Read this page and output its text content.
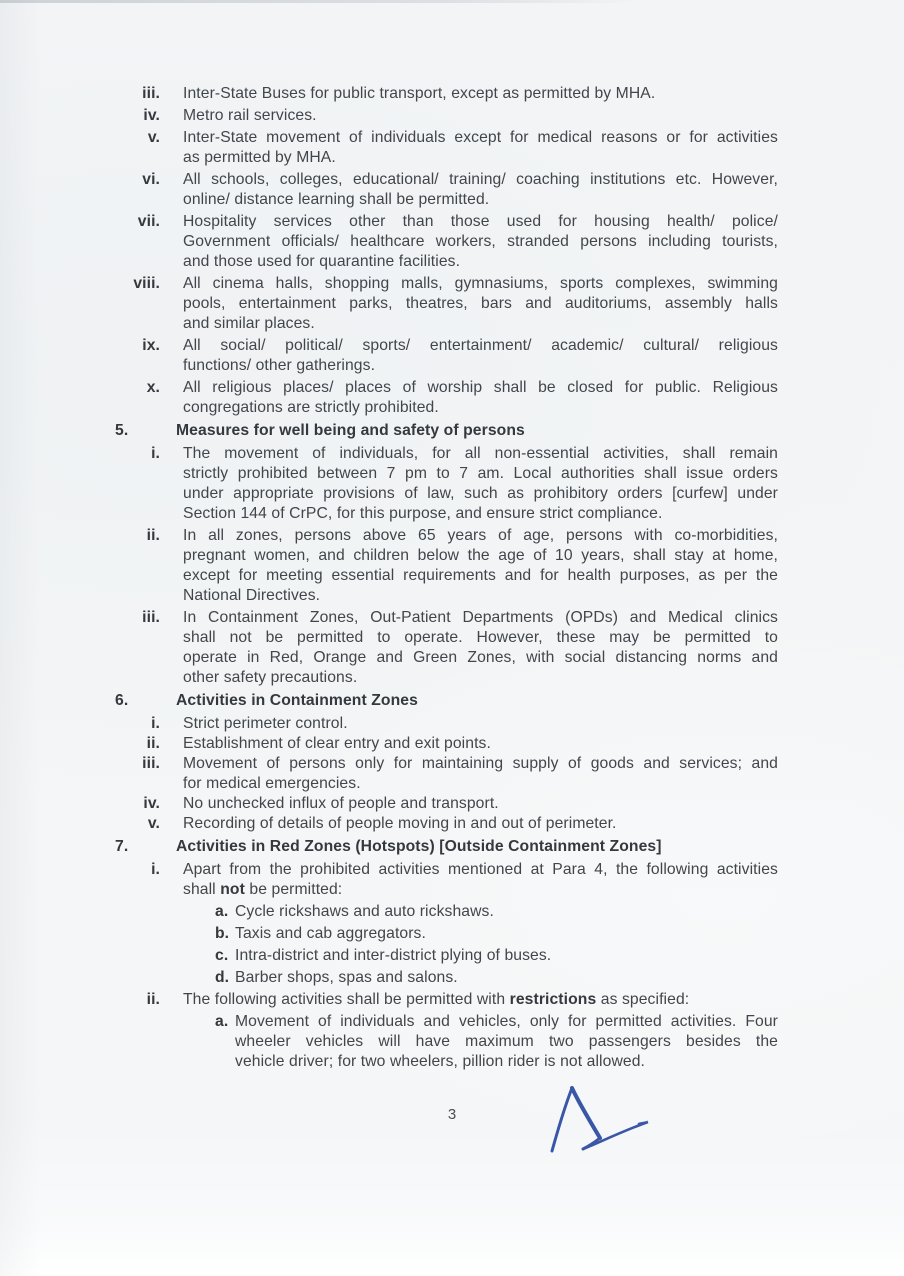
iii. Inter-State Buses for public transport, except as permitted by MHA.
iv. Metro rail services.
v. Inter-State movement of individuals except for medical reasons or for activities
as permitted by MHA.
vi. All schools, colleges, educational/ training/ coaching institutions etc. However,
online/ distance learning shall be permitted.
vii. Hospitality services other than those used for housing health/ police/
Government officials/ healthcare workers, stranded persons including tourists,
and those used for quarantine facilities.
viii. All cinema halls, shopping malls, gymnasiums, sports complexes, swimming
pools, entertainment parks, theatres, bars and auditoriums, assembly halls
and similar places.
ix. All social/ political/ sports/ entertainment/ academic/ cultural/ religious
functions/ other gatherings.
x. All religious places/ places of worship shall be closed for public. Religious
congregations are strictly prohibited.
5.	Measures for well being and safety of persons
i. The movement of individuals, for all non-essential activities, shall remain
strictly prohibited between 7 pm to 7 am. Local authorities shall issue orders
under appropriate provisions of law, such as prohibitory orders [curfew] under
Section 144 of CrPC, for this purpose, and ensure strict compliance.
ii. In all zones, persons above 65 years of age, persons with co-morbidities,
pregnant women, and children below the age of 10 years, shall stay at home,
except for meeting essential requirements and for health purposes, as per the
National Directives.
iii. In Containment Zones, Out-Patient Departments (OPDs) and Medical clinics
shall not be permitted to operate. However, these may be permitted to
operate in Red, Orange and Green Zones, with social distancing norms and
other safety precautions.
6.	Activities in Containment Zones
i. Strict perimeter control.
ii. Establishment of clear entry and exit points.
iii. Movement of persons only for maintaining supply of goods and services; and
for medical emergencies.
iv. No unchecked influx of people and transport.
v. Recording of details of people moving in and out of perimeter.
7.	Activities in Red Zones (Hotspots) [Outside Containment Zones]
i. Apart from the prohibited activities mentioned at Para 4, the following activities
shall not be permitted:
a. Cycle rickshaws and auto rickshaws.
b. Taxis and cab aggregators.
c. Intra-district and inter-district plying of buses.
d. Barber shops, spas and salons.
ii. The following activities shall be permitted with restrictions as specified:
a. Movement of individuals and vehicles, only for permitted activities. Four
wheeler vehicles will have maximum two passengers besides the
vehicle driver; for two wheelers, pillion rider is not allowed.
3
